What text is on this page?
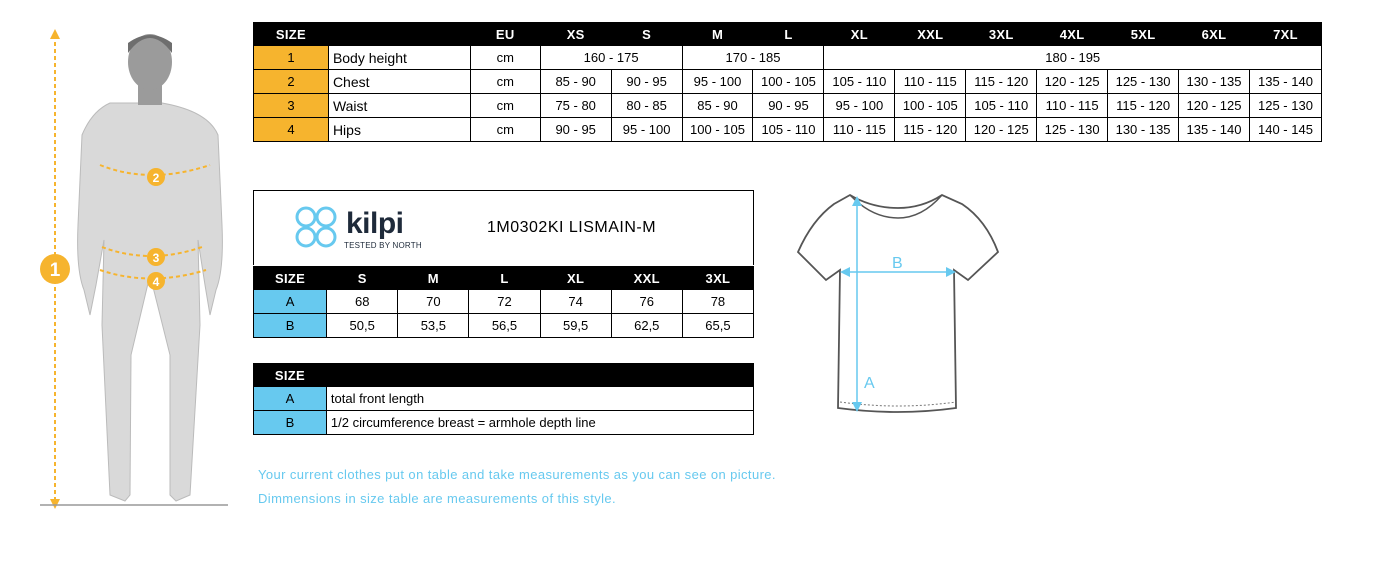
1
2
3
4
SIZE		EU	XS	S	M	L	XL	XXL	3XL	4XL	5XL	6XL	7XL
1	Body height	cm	160 - 175		170 - 185		180 - 195						
2	Chest	cm	85 - 90	90 - 95	95 - 100	100 - 105	105 - 110	110 - 115	115 - 120	120 - 125	125 - 130	130 - 135	135 - 140
3	Waist	cm	75 - 80	80 - 85	85 - 90	90 - 95	95 - 100	100 - 105	105 - 110	110 - 115	115 - 120	120 - 125	125 - 130
4	Hips	cm	90 - 95	95 - 100	100 - 105	105 - 110	110 - 115	115 - 120	120 - 125	125 - 130	130 - 135	135 - 140	140 - 145
kilpi
TESTED BY NORTH
1M0302KI LISMAIN-M
SIZE	S	M	L	XL	XXL	3XL
A	68	70	72	74	76	78
B	50,5	53,5	56,5	59,5	62,5	65,5
SIZE	
A	total front length
B	1/2 circumference breast = armhole depth line
A
B
Your current clothes put on table and take measurements as you can see on picture.
Dimmensions in size table are measurements of this style.
